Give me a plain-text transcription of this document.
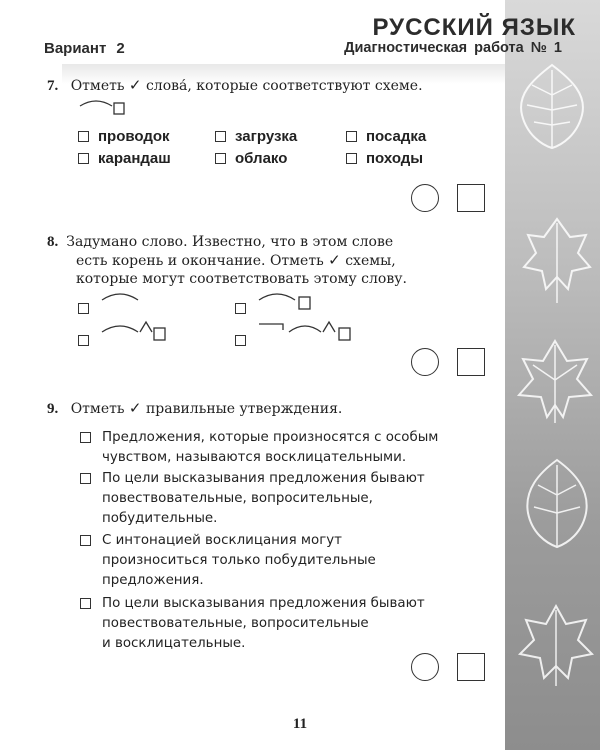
РУССКИЙ ЯЗЫК
Вариант 2	Диагностическая работа № 1
7. Отметь ✓ слова́, которые соответствуют схеме.
проводок	загрузка	посадка
карандаш	облако	походы
8. Задумано слово. Известно, что в этом слове
есть корень и окончание. Отметь ✓ схемы,
которые могут соответствовать этому слову.
9. Отметь ✓ правильные утверждения.
Предложения, которые произносятся с особым
чувством, называются восклицательными.
По цели высказывания предложения бывают
повествовательные, вопросительные,
побудительные.
С интонацией восклицания могут
произноситься только побудительные
предложения.
По цели высказывания предложения бывают
повествовательные, вопросительные
и восклицательные.
11
